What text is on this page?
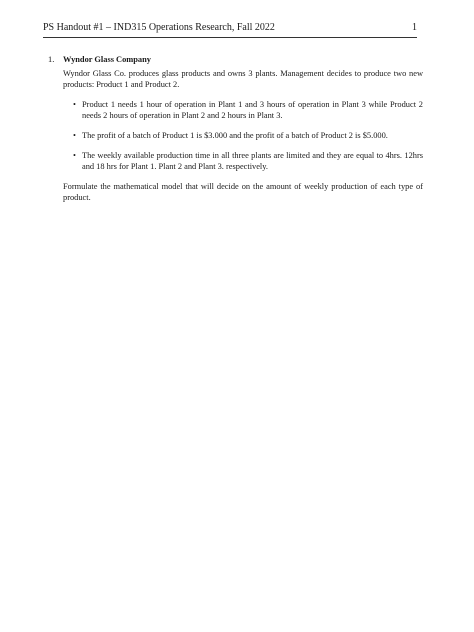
PS Handout #1 – IND315 Operations Research, Fall 2022	1
1. Wyndor Glass Company

Wyndor Glass Co. produces glass products and owns 3 plants. Management decides to produce two new products: Product 1 and Product 2.

• Product 1 needs 1 hour of operation in Plant 1 and 3 hours of operation in Plant 3 while Product 2 needs 2 hours of operation in Plant 2 and 2 hours in Plant 3.
• The profit of a batch of Product 1 is $3.000 and the profit of a batch of Product 2 is $5.000.
• The weekly available production time in all three plants are limited and they are equal to 4hrs. 12hrs and 18 hrs for Plant 1. Plant 2 and Plant 3. respectively.

Formulate the mathematical model that will decide on the amount of weekly production of each type of product.
